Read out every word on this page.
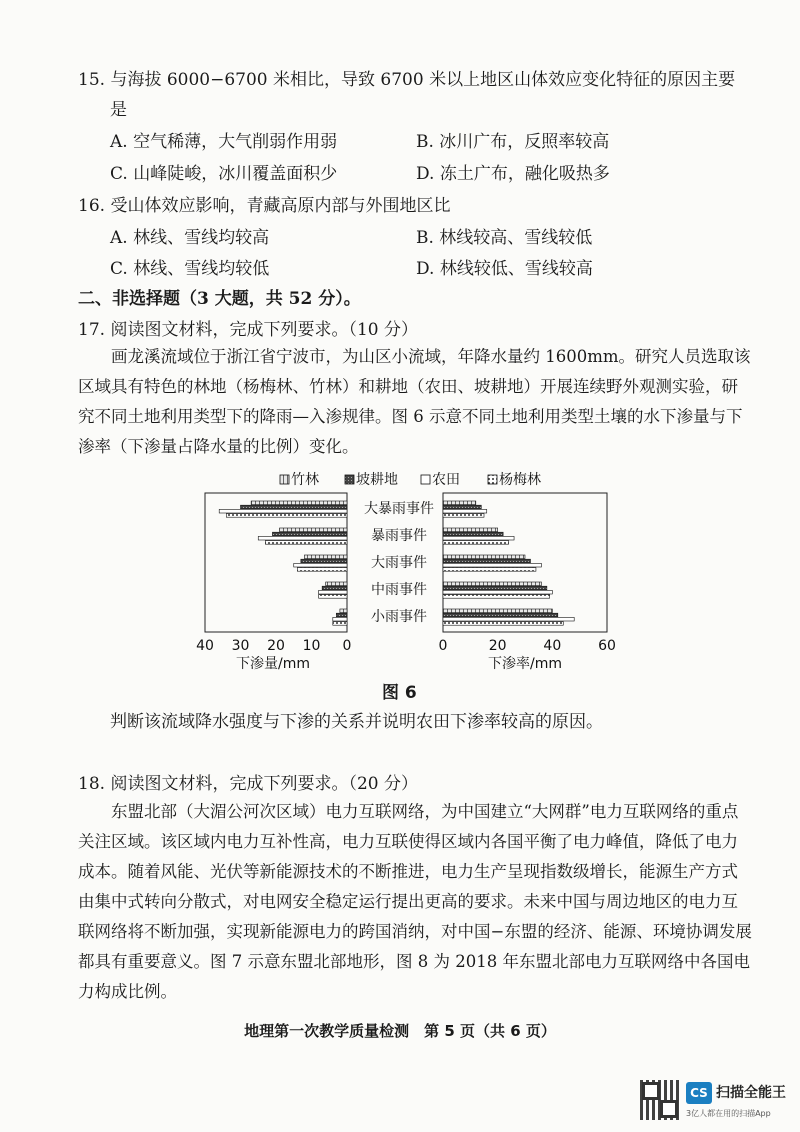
15. 与海拔 6000−6700 米相比，导致 6700 米以上地区山体效应变化特征的原因主要
是
A. 空气稀薄，大气削弱作用弱	B. 冰川广布，反照率较高
C. 山峰陡峻，冰川覆盖面积少	D. 冻土广布，融化吸热多
16. 受山体效应影响，青藏高原内部与外围地区比
A. 林线、雪线均较高	B. 林线较高、雪线较低
C. 林线、雪线均较低	D. 林线较低、雪线较高
二、非选择题（3 大题，共 52 分）。
17. 阅读图文材料，完成下列要求。（10 分）
画龙溪流域位于浙江省宁波市，为山区小流域，年降水量约 1600mm。研究人员选取该区域具有特色的林地（杨梅林、竹林）和耕地（农田、坡耕地）开展连续野外观测实验，研究不同土地利用类型下的降雨—入渗规律。图 6 示意不同土地利用类型土壤的水下渗量与下渗率（下渗量占降水量的比例）变化。
竹林	坡耕地 农田	杨梅林
40 30 20 10 0
下渗量/mm
大暴雨事件
暴雨事件
大雨事件
中雨事件
小雨事件
0	20	40	60
下渗率/mm
图 6
判断该流域降水强度与下渗的关系并说明农田下渗率较高的原因。
18. 阅读图文材料，完成下列要求。（20 分）
东盟北部（大湄公河次区域）电力互联网络，为中国建立“大网群”电力互联网络的重点关注区域。该区域内电力互补性高，电力互联使得区域内各国平衡了电力峰值，降低了电力成本。随着风能、光伏等新能源技术的不断推进，电力生产呈现指数级增长，能源生产方式由集中式转向分散式，对电网安全稳定运行提出更高的要求。未来中国与周边地区的电力互联网络将不断加强，实现新能源电力的跨国消纳，对中国−东盟的经济、能源、环境协调发展都具有重要意义。图 7 示意东盟北部地形，图 8 为 2018 年东盟北部电力互联网络中各国电力构成比例。
地理第一次教学质量检测　第 5 页（共 6 页）
CS 扫描全能王
3亿人都在用的扫描App
